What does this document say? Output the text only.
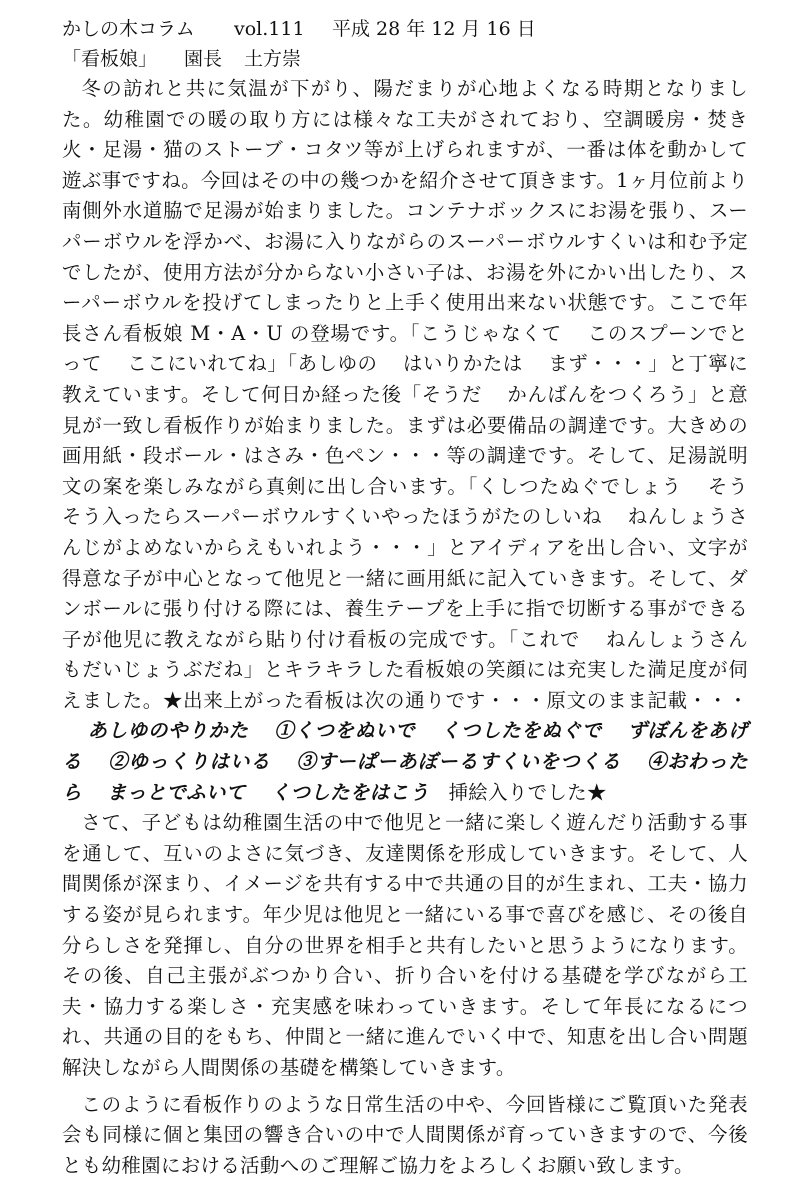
かしの木コラム vol.111 平成 28 年 12 月 16 日
「看板娘」 園長 土方崇

冬の訪れと共に気温が下がり、陽だまりが心地よくなる時期となりました。幼稚園での暖の取り方には様々な工夫がされており、空調暖房・焚き火・足湯・猫のストーブ・コタツ等が上げられますが、一番は体を動かして遊ぶ事ですね。今回はその中の幾つかを紹介させて頂きます。1ヶ月位前より南側外水道脇で足湯が始まりました。コンテナボックスにお湯を張り、スーパーボウルを浮かべ、お湯に入りながらのスーパーボウルすくいは和む予定でしたが、使用方法が分からない小さい子は、お湯を外にかい出したり、スーパーボウルを投げてしまったりと上手く使用出来ない状態です。ここで年長さん看板娘 M・A・U の登場です。「こうじゃなくて このスプーンでとって ここにいれてね」「あしゆの はいりかたは まず・・・」と丁寧に教えています。そして何日か経った後「そうだ かんばんをつくろう」と意見が一致し看板作りが始まりました。まずは必要備品の調達です。大きめの画用紙・段ボール・はさみ・色ペン・・・等の調達です。そして、足湯説明文の案を楽しみながら真剣に出し合います。「くしつたぬぐでしょう そうそう入ったらスーパーボウルすくいやったほうがたのしいね ねんしょうさんじがよめないからえもいれよう・・・」とアイディアを出し合い、文字が得意な子が中心となって他児と一緒に画用紙に記入ていきます。そして、ダンボールに張り付ける際には、養生テープを上手に指で切断する事ができる子が他児に教えながら貼り付け看板の完成です。「これで ねんしょうさんもだいじょうぶだね」とキラキラした看板娘の笑顔には充実した満足度が伺えました。★出来上がった看板は次の通りです・・・原文のまま記載・・・あしゆのやりかた ①くつをぬいで くつしたをぬぐで ずぼんをあげる ②ゆっくりはいる ③すーぱーあぼーるすくいをつくる ④おわったら まっとでふいて くつしたをはこう 挿絵入りでした★

さて、子どもは幼稚園生活の中で他児と一緒に楽しく遊んだり活動する事を通して、互いのよさに気づき、友達関係を形成していきます。そして、人間関係が深まり、イメージを共有する中で共通の目的が生まれ、工夫・協力する姿が見られます。年少児は他児と一緒にいる事で喜びを感じ、その後自分らしさを発揮し、自分の世界を相手と共有したいと思うようになります。その後、自己主張がぶつかり合い、折り合いを付ける基礎を学びながら工夫・協力する楽しさ・充実感を味わっていきます。そして年長になるにつれ、共通の目的をもち、仲間と一緒に進んでいく中で、知恵を出し合い問題解決しながら人間関係の基礎を構築していきます。

このように看板作りのような日常生活の中や、今回皆様にご覧頂いた発表会も同様に個と集団の響き合いの中で人間関係が育っていきますので、今後とも幼稚園における活動へのご理解ご協力をよろしくお願い致します。
